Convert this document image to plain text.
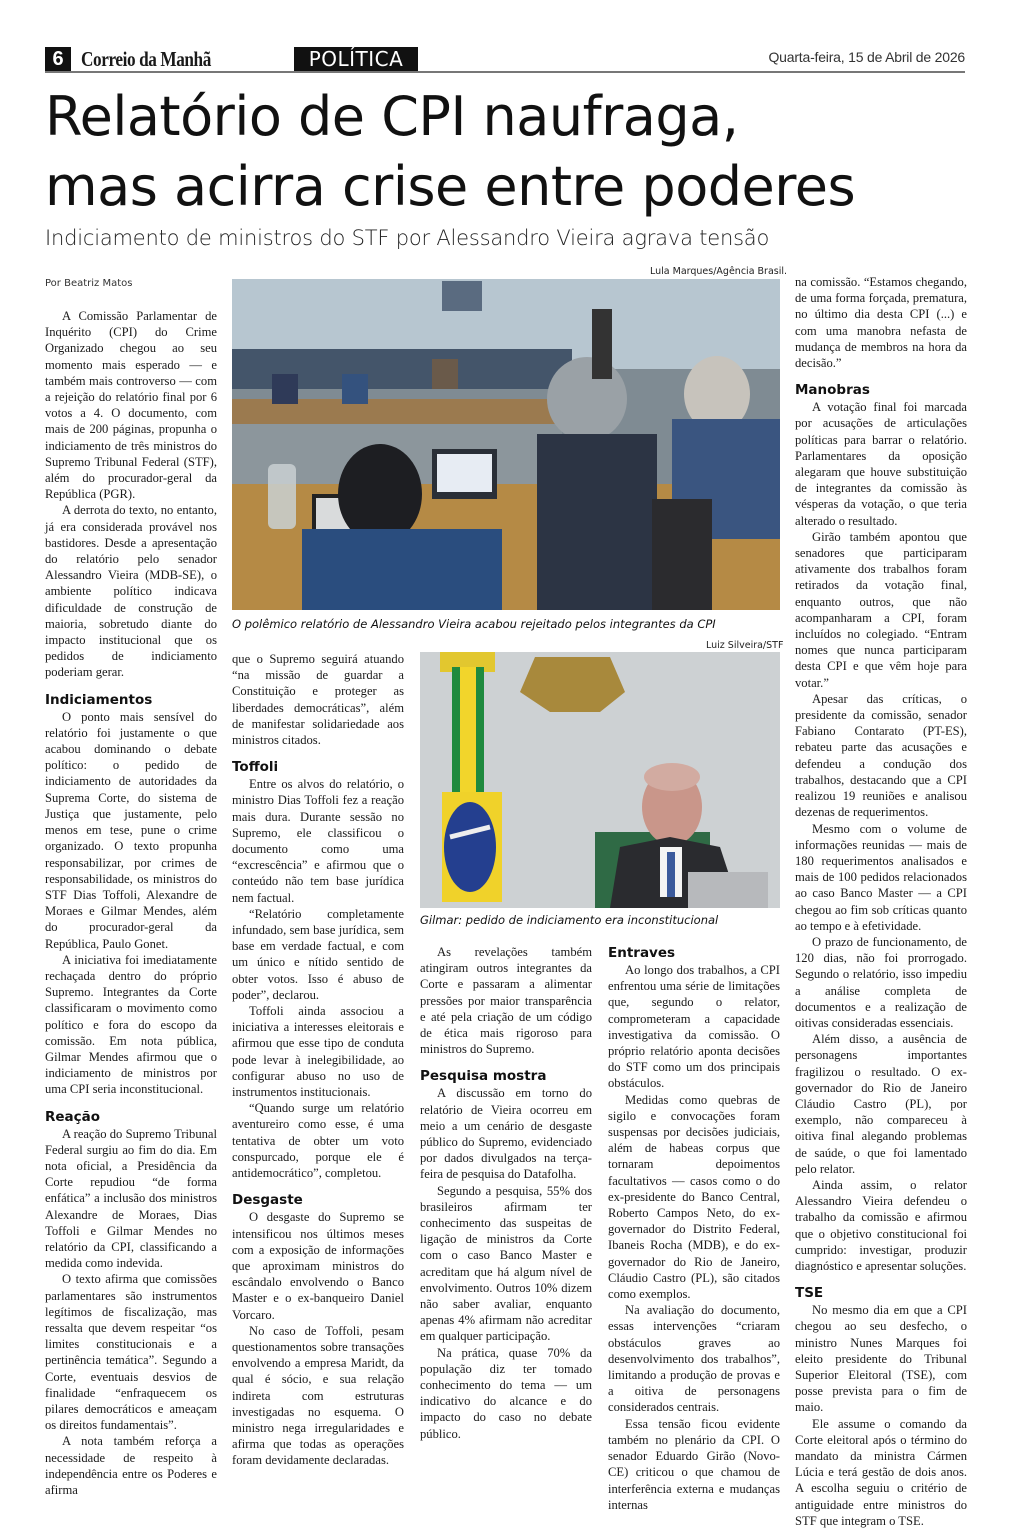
6 Correio da Manhã	POLÍTICA	Quarta-feira, 15 de Abril de 2026
Relatório de CPI naufraga,
mas acirra crise entre poderes
Indiciamento de ministros do STF por Alessandro Vieira agrava tensão
Por Beatriz Matos
Lula Marques/Agência Brasil.
O polêmico relatório de Alessandro Vieira acabou rejeitado pelos integrantes da CPI
Luiz Silveira/STF
Gilmar: pedido de indiciamento era inconstitucional

A Comissão Parlamentar de Inquérito (CPI) do Crime Organizado chegou ao seu momento mais esperado — e também mais controverso — com a rejeição do relatório final por 6 votos a 4. O documento, com mais de 200 páginas, propunha o indiciamento de três ministros do Supremo Tribunal Federal (STF), além do procurador-geral da República (PGR).

A derrota do texto, no entanto, já era considerada provável nos bastidores. Desde a apresentação do relatório pelo senador Alessandro Vieira (MDB-SE), o ambiente político indicava dificuldade de construção de maioria, sobretudo diante do impacto institucional que os pedidos de indiciamento poderiam gerar.

Indiciamentos

O ponto mais sensível do relatório foi justamente o que acabou dominando o debate político: o pedido de indiciamento de autoridades da Suprema Corte, do sistema de Justiça que justamente, pelo menos em tese, pune o crime organizado. O texto propunha responsabilizar, por crimes de responsabilidade, os ministros do STF Dias Toffoli, Alexandre de Moraes e Gilmar Mendes, além do procurador-geral da República, Paulo Gonet.

A iniciativa foi imediatamente rechaçada dentro do próprio Supremo. Integrantes da Corte classificaram o movimento como político e fora do escopo da comissão. Em nota pública, Gilmar Mendes afirmou que o indiciamento de ministros por uma CPI seria inconstitucional.

Reação

A reação do Supremo Tribunal Federal surgiu ao fim do dia. Em nota oficial, a Presidência da Corte repudiou “de forma enfática” a inclusão dos ministros Alexandre de Moraes, Dias Toffoli e Gilmar Mendes no relatório da CPI, classificando a medida como indevida.

O texto afirma que comissões parlamentares são instrumentos legítimos de fiscalização, mas ressalta que devem respeitar “os limites constitucionais e a pertinência temática”. Segundo a Corte, eventuais desvios de finalidade “enfraquecem os pilares democráticos e ameaçam os direitos fundamentais”.

A nota também reforça a necessidade de respeito à independência entre os Poderes e afirma

que o Supremo seguirá atuando “na missão de guardar a Constituição e proteger as liberdades democráticas”, além de manifestar solidariedade aos ministros citados.

Toffoli

Entre os alvos do relatório, o ministro Dias Toffoli fez a reação mais dura. Durante sessão no Supremo, ele classificou o documento como uma “excrescência” e afirmou que o conteúdo não tem base jurídica nem factual.

“Relatório completamente infundado, sem base jurídica, sem base em verdade factual, e com um único e nítido sentido de obter votos. Isso é abuso de poder”, declarou.

Toffoli ainda associou a iniciativa a interesses eleitorais e afirmou que esse tipo de conduta pode levar à inelegibilidade, ao configurar abuso no uso de instrumentos institucionais.

“Quando surge um relatório aventureiro como esse, é uma tentativa de obter um voto conspurcado, porque ele é antidemocrático”, completou.

Desgaste

O desgaste do Supremo se intensificou nos últimos meses com a exposição de informações que aproximam ministros do escândalo envolvendo o Banco Master e o ex-banqueiro Daniel Vorcaro.

No caso de Toffoli, pesam questionamentos sobre transações envolvendo a empresa Maridt, da qual é sócio, e sua relação indireta com estruturas investigadas no esquema. O ministro nega irregularidades e afirma que todas as operações foram devidamente declaradas.

As revelações também atingiram outros integrantes da Corte e passaram a alimentar pressões por maior transparência e até pela criação de um código de ética mais rigoroso para ministros do Supremo.

Pesquisa mostra

A discussão em torno do relatório de Vieira ocorreu em meio a um cenário de desgaste público do Supremo, evidenciado por dados divulgados na terça-feira de pesquisa do Datafolha.

Segundo a pesquisa, 55% dos brasileiros afirmam ter conhecimento das suspeitas de ligação de ministros da Corte com o caso Banco Master e acreditam que há algum nível de envolvimento. Outros 10% dizem não saber avaliar, enquanto apenas 4% afirmam não acreditar em qualquer participação.

Na prática, quase 70% da população diz ter tomado conhecimento do tema — um indicativo do alcance e do impacto do caso no debate público.

Entraves

Ao longo dos trabalhos, a CPI enfrentou uma série de limitações que, segundo o relator, comprometeram a capacidade investigativa da comissão. O próprio relatório aponta decisões do STF como um dos principais obstáculos.

Medidas como quebras de sigilo e convocações foram suspensas por decisões judiciais, além de habeas corpus que tornaram depoimentos facultativos — casos como o do ex-presidente do Banco Central, Roberto Campos Neto, do ex-governador do Distrito Federal, Ibaneis Rocha (MDB), e do ex-governador do Rio de Janeiro, Cláudio Castro (PL), são citados como exemplos.

Na avaliação do documento, essas intervenções “criaram obstáculos graves ao desenvolvimento dos trabalhos”, limitando a produção de provas e a oitiva de personagens considerados centrais.

Essa tensão ficou evidente também no plenário da CPI. O senador Eduardo Girão (Novo-CE) criticou o que chamou de interferência externa e mudanças internas

na comissão. “Estamos chegando, de uma forma forçada, prematura, no último dia desta CPI (...) e com uma manobra nefasta de mudança de membros na hora da decisão.”

Manobras

A votação final foi marcada por acusações de articulações políticas para barrar o relatório. Parlamentares da oposição alegaram que houve substituição de integrantes da comissão às vésperas da votação, o que teria alterado o resultado.

Girão também apontou que senadores que participaram ativamente dos trabalhos foram retirados da votação final, enquanto outros, que não acompanharam a CPI, foram incluídos no colegiado. “Entram nomes que nunca participaram desta CPI e que vêm hoje para votar.”

Apesar das críticas, o presidente da comissão, senador Fabiano Contarato (PT-ES), rebateu parte das acusações e defendeu a condução dos trabalhos, destacando que a CPI realizou 19 reuniões e analisou dezenas de requerimentos.

Mesmo com o volume de informações reunidas — mais de 180 requerimentos analisados e mais de 100 pedidos relacionados ao caso Banco Master — a CPI chegou ao fim sob críticas quanto ao tempo e à efetividade.

O prazo de funcionamento, de 120 dias, não foi prorrogado. Segundo o relatório, isso impediu a análise completa de documentos e a realização de oitivas consideradas essenciais.

Além disso, a ausência de personagens importantes fragilizou o resultado. O ex-governador do Rio de Janeiro Cláudio Castro (PL), por exemplo, não compareceu à oitiva final alegando problemas de saúde, o que foi lamentado pelo relator.

Ainda assim, o relator Alessandro Vieira defendeu o trabalho da comissão e afirmou que o objetivo constitucional foi cumprido: investigar, produzir diagnóstico e apresentar soluções.

TSE

No mesmo dia em que a CPI chegou ao seu desfecho, o ministro Nunes Marques foi eleito presidente do Tribunal Superior Eleitoral (TSE), com posse prevista para o fim de maio.

Ele assume o comando da Corte eleitoral após o término do mandato da ministra Cármen Lúcia e terá gestão de dois anos. A escolha seguiu o critério de antiguidade entre ministros do STF que integram o TSE.
